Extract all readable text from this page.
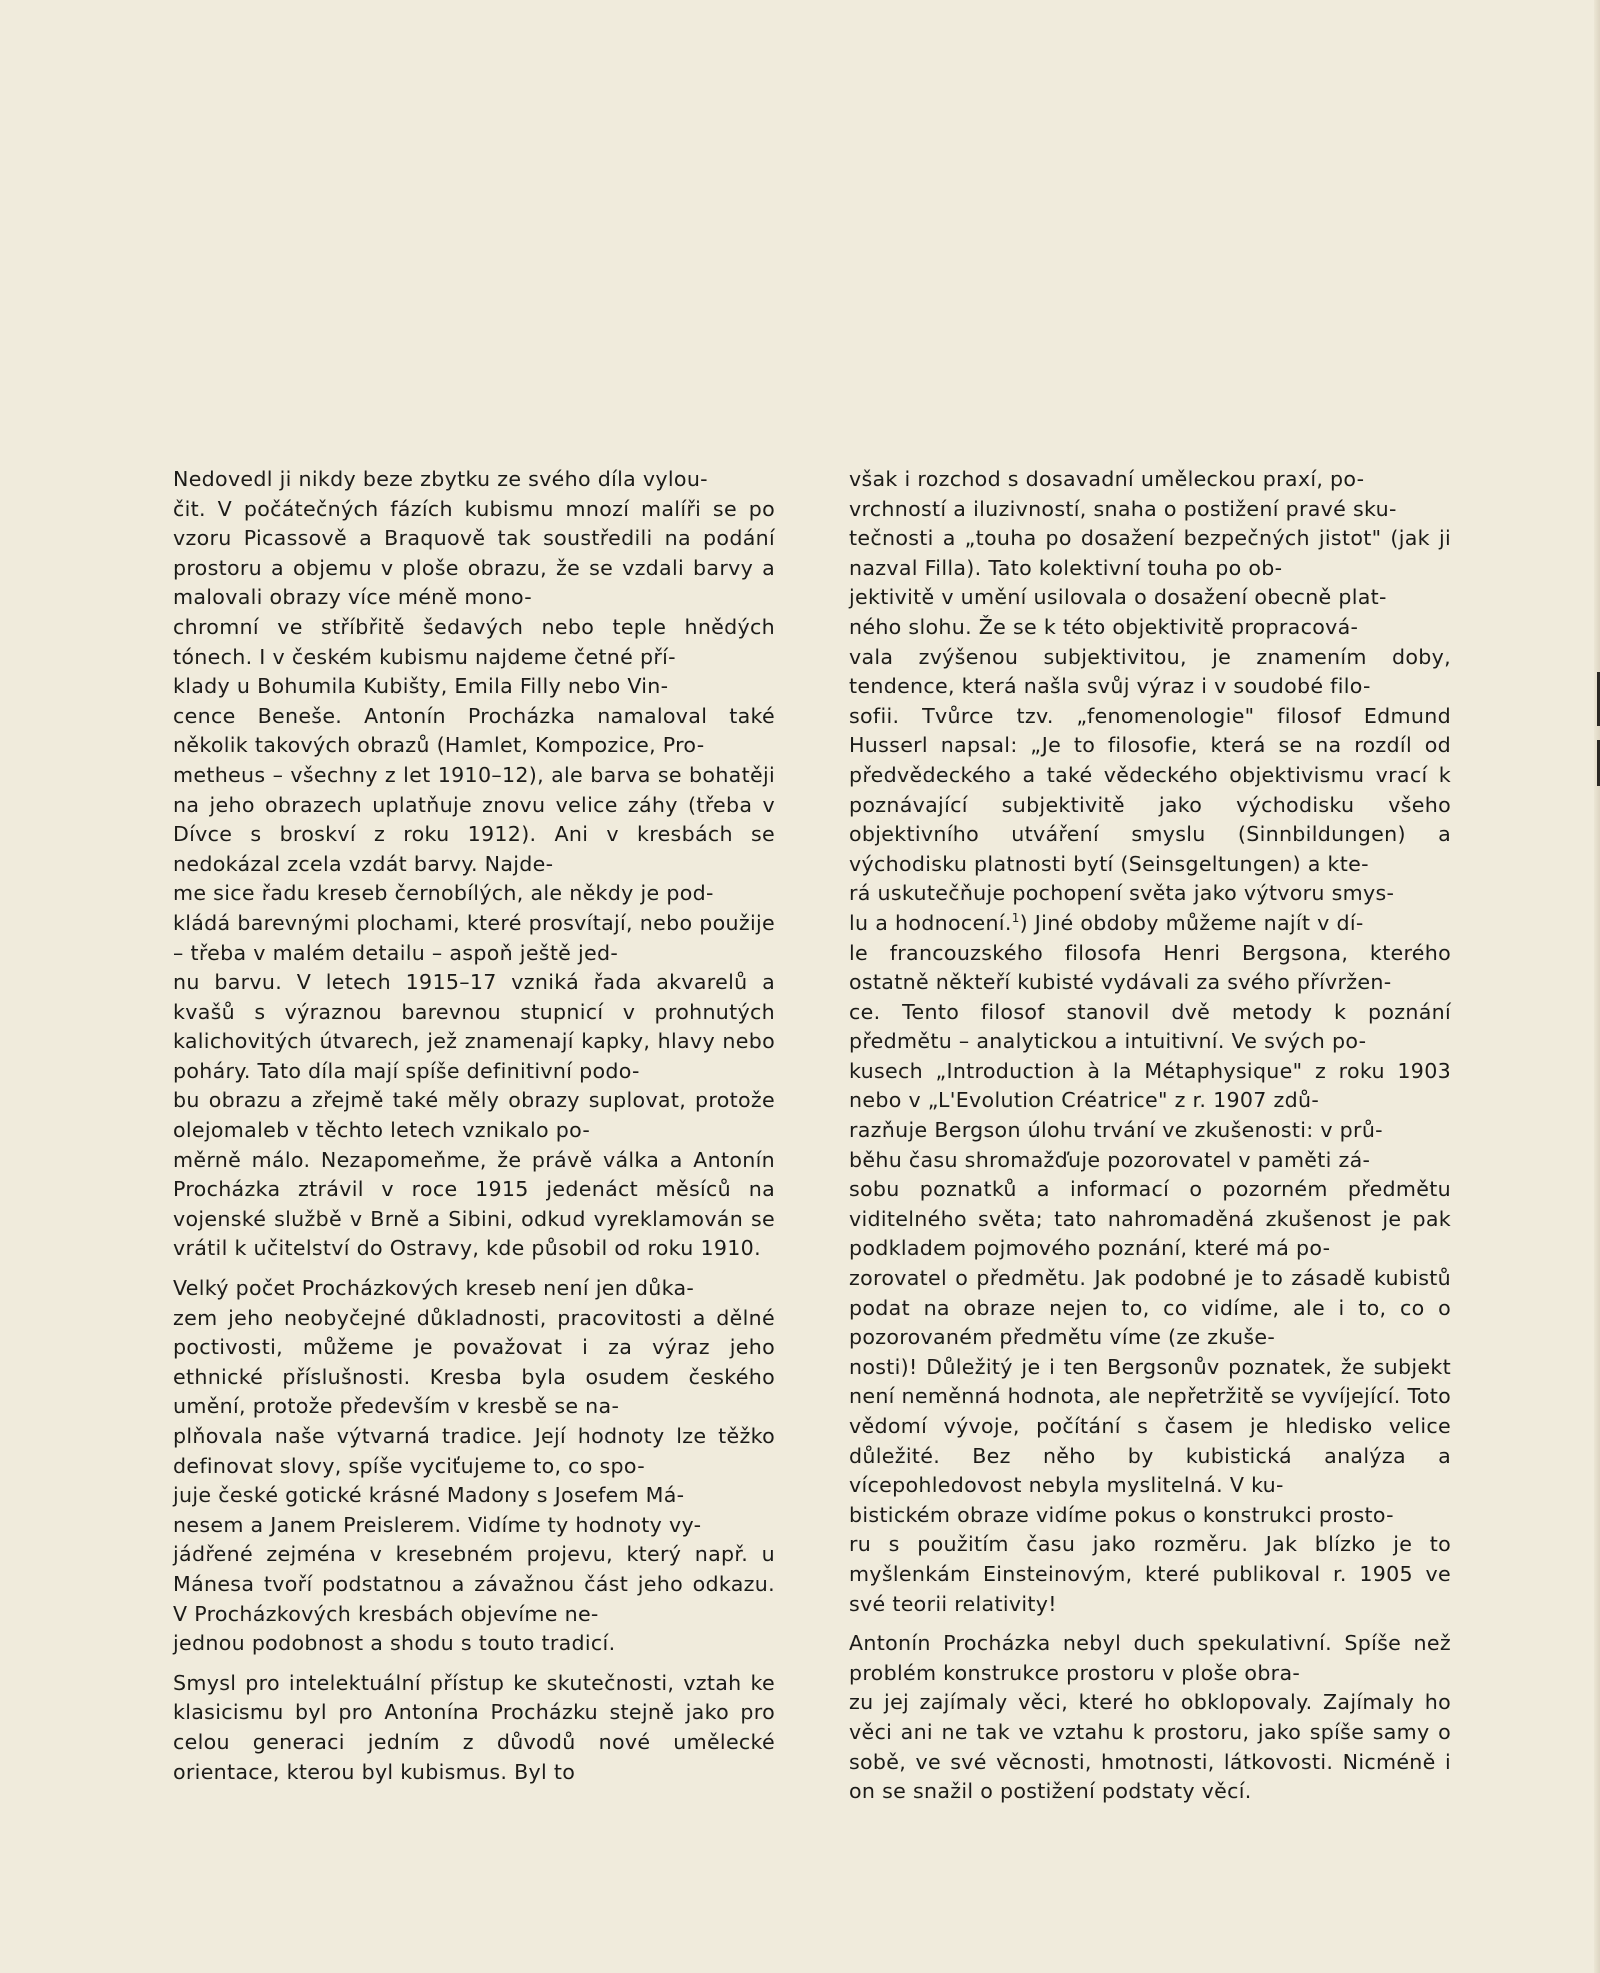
Nedovedl ji nikdy beze zbytku ze svého díla vylou-
čit. V počátečných fázích kubismu mnozí malíři se po vzoru Picassově a Braquově tak soustředili na podání prostoru a objemu v ploše obrazu, že se vzdali barvy a malovali obrazy více méně mono-
chromní ve stříbřitě šedavých nebo teple hnědých tónech. I v českém kubismu najdeme četné pří-
klady u Bohumila Kubišty, Emila Filly nebo Vin-
cence Beneše. Antonín Procházka namaloval také několik takových obrazů (Hamlet, Kompozice, Pro-
metheus – všechny z let 1910–12), ale barva se bohatěji na jeho obrazech uplatňuje znovu velice záhy (třeba v Dívce s broskví z roku 1912). Ani v kresbách se nedokázal zcela vzdát barvy. Najde-
me sice řadu kreseb černobílých, ale někdy je pod-
kládá barevnými plochami, které prosvítají, nebo použije – třeba v malém detailu – aspoň ještě jed-
nu barvu. V letech 1915–17 vzniká řada akvarelů a kvašů s výraznou barevnou stupnicí v prohnutých kalichovitých útvarech, jež znamenají kapky, hlavy nebo poháry. Tato díla mají spíše definitivní podo-
bu obrazu a zřejmě také měly obrazy suplovat, protože olejomaleb v těchto letech vznikalo po-
měrně málo. Nezapomeňme, že právě válka a Antonín Procházka ztrávil v roce 1915 jedenáct měsíců na vojenské službě v Brně a Sibini, odkud vyreklamován se vrátil k učitelství do Ostravy, kde působil od roku 1910.

Velký počet Procházkových kreseb není jen důka-
zem jeho neobyčejné důkladnosti, pracovitosti a dělné poctivosti, můžeme je považovat i za výraz jeho ethnické příslušnosti. Kresba byla osudem českého umění, protože především v kresbě se na-
plňovala naše výtvarná tradice. Její hodnoty lze těžko definovat slovy, spíše vyciťujeme to, co spo-
juje české gotické krásné Madony s Josefem Má-
nesem a Janem Preislerem. Vidíme ty hodnoty vy-
jádřené zejména v kresebném projevu, který např. u Mánesa tvoří podstatnou a závažnou část jeho odkazu. V Procházkových kresbách objevíme ne-
jednou podobnost a shodu s touto tradicí.

Smysl pro intelektuální přístup ke skutečnosti, vztah ke klasicismu byl pro Antonína Procházku stejně jako pro celou generaci jedním z důvodů nové umělecké orientace, kterou byl kubismus. Byl to

však i rozchod s dosavadní uměleckou praxí, po-
vrchností a iluzivností, snaha o postižení pravé sku-
tečnosti a „touha po dosažení bezpečných jistot" (jak ji nazval Filla). Tato kolektivní touha po ob-
jektivitě v umění usilovala o dosažení obecně plat-
ného slohu. Že se k této objektivitě propracová-
vala zvýšenou subjektivitou, je znamením doby, tendence, která našla svůj výraz i v soudobé filo-
sofii. Tvůrce tzv. „fenomenologie" filosof Edmund Husserl napsal: „Je to filosofie, která se na rozdíl od předvědeckého a také vědeckého objektivismu vrací k poznávající subjektivitě jako východisku všeho objektivního utváření smyslu (Sinnbildungen) a východisku platnosti bytí (Seinsgeltungen) a kte-
rá uskutečňuje pochopení světa jako výtvoru smys-
lu a hodnocení.$^1$) Jiné obdoby můžeme najít v dí-
le francouzského filosofa Henri Bergsona, kterého ostatně někteří kubisté vydávali za svého přívržen-
ce. Tento filosof stanovil dvě metody k poznání předmětu – analytickou a intuitivní. Ve svých po-
kusech „Introduction à la Métaphysique" z roku 1903 nebo v „L'Evolution Créatrice" z r. 1907 zdů-
razňuje Bergson úlohu trvání ve zkušenosti: v prů-
běhu času shromažďuje pozorovatel v paměti zá-
sobu poznatků a informací o pozorném předmětu viditelného světa; tato nahromaděná zkušenost je pak podkladem pojmového poznání, které má po-
zorovatel o předmětu. Jak podobné je to zásadě kubistů podat na obraze nejen to, co vidíme, ale i to, co o pozorovaném předmětu víme (ze zkuše-
nosti)! Důležitý je i ten Bergsonův poznatek, že subjekt není neměnná hodnota, ale nepřetržitě se vyvíjející. Toto vědomí vývoje, počítání s časem je hledisko velice důležité. Bez něho by kubistická analýza a vícepohledovost nebyla myslitelná. V ku-
bistickém obraze vidíme pokus o konstrukci prosto-
ru s použitím času jako rozměru. Jak blízko je to myšlenkám Einsteinovým, které publikoval r. 1905 ve své teorii relativity!

Antonín Procházka nebyl duch spekulativní. Spíše než problém konstrukce prostoru v ploše obra-
zu jej zajímaly věci, které ho obklopovaly. Zajímaly ho věci ani ne tak ve vztahu k prostoru, jako spíše samy o sobě, ve své věcnosti, hmotnosti, látkovosti. Nicméně i on se snažil o postižení podstaty věcí.
